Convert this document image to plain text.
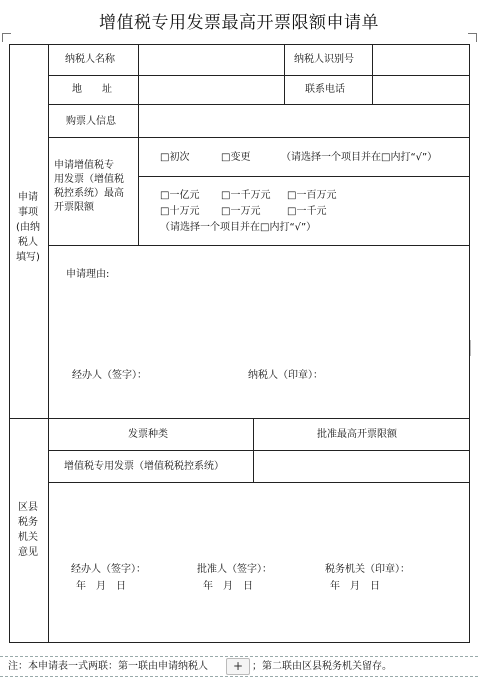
增值税专用发票最高开票限额申请单
申请
事项
(由纳
税人
填写)
区县
税务
机关
意见
纳税人名称	纳税人识别号
地　　址	联系电话
购票人信息
申请增值税专
用发票（增值税
税控系统）最高
开票限额
□初次	□变更	（请选择一个项目并在□内打“√”）
□一亿元 □一千万元 □一百万元
□十万元 □一万元	□一千元
（请选择一个项目并在□内打“√”）
申请理由:
经办人（签字）：	纳税人（印章）：
发票种类	批准最高开票限额
增值税专用发票（增值税税控系统）
经办人（签字）：	批准人（签字）：	税务机关（印章）：
年　月　日	年　月　日	年　月　日
注：本申请表一式两联：第一联由申请纳税人	+ ；第二联由区县税务机关留存。
